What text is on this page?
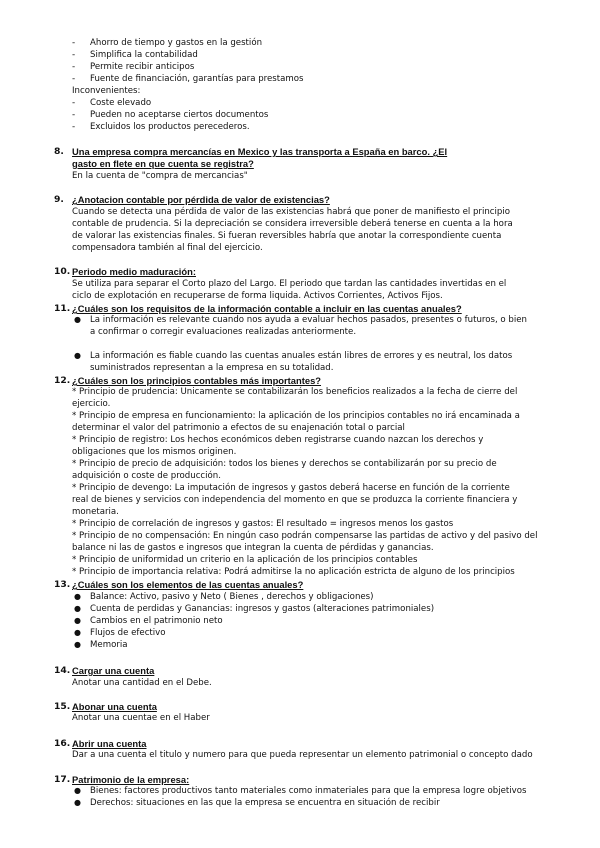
- Ahorro de tiempo y gastos en la gestión
- Simplifica la contabilidad
- Permite recibir anticipos
- Fuente de financiación, garantías para prestamos
Inconvenientes:
- Coste elevado
- Pueden no aceptarse ciertos documentos
- Excluidos los productos perecederos.
8. Una empresa compra mercancías en Mexico y las transporta a España en barco. ¿El
gasto en flete en que cuenta se registra?
En la cuenta de "compra de mercancias"
9. ¿Anotacion contable por pérdida de valor de existencias?
Cuando se detecta una pérdida de valor de las existencias habrá que poner de manifiesto el principio
contable de prudencia. Si la depreciación se considera irreversible deberá tenerse en cuenta a la hora
de valorar las existencias finales. Si fueran reversibles habría que anotar la correspondiente cuenta
compensadora también al final del ejercicio.
10. Periodo medio maduración:
Se utiliza para separar el Corto plazo del Largo. El periodo que tardan las cantidades invertidas en el
ciclo de explotación en recuperarse de forma liquida. Activos Corrientes, Activos Fijos.
11. ¿Cuáles son los requisitos de la información contable a incluir en las cuentas anuales?
● La información es relevante cuando nos ayuda a evaluar hechos pasados, presentes o futuros, o bien
a confirmar o corregir evaluaciones realizadas anteriormente.
● La información es fiable cuando las cuentas anuales están libres de errores y es neutral, los datos
suministrados representan a la empresa en su totalidad.
12. ¿Cuáles son los principios contables más importantes?
* Principio de prudencia: Unicamente se contabilizarán los beneficios realizados a la fecha de cierre del
ejercicio.
* Principio de empresa en funcionamiento: la aplicación de los principios contables no irá encaminada a
determinar el valor del patrimonio a efectos de su enajenación total o parcial
* Principio de registro: Los hechos económicos deben registrarse cuando nazcan los derechos y
obligaciones que los mismos originen.
* Principio de precio de adquisición: todos los bienes y derechos se contabilizarán por su precio de
adquisición o coste de producción.
* Principio de devengo: La imputación de ingresos y gastos deberá hacerse en función de la corriente
real de bienes y servicios con independencia del momento en que se produzca la corriente financiera y
monetaria.
* Principio de correlación de ingresos y gastos: El resultado = ingresos menos los gastos
* Principio de no compensación: En ningún caso podrán compensarse las partidas de activo y del pasivo del
balance ni las de gastos e ingresos que integran la cuenta de pérdidas y ganancias.
* Principio de uniformidad un criterio en la aplicación de los principios contables
* Principio de importancia relativa: Podrá admitirse la no aplicación estricta de alguno de los principios
13. ¿Cuáles son los elementos de las cuentas anuales?
● Balance: Activo, pasivo y Neto ( Bienes , derechos y obligaciones)
● Cuenta de perdidas y Ganancias: ingresos y gastos (alteraciones patrimoniales)
● Cambios en el patrimonio neto
● Flujos de efectivo
● Memoria
14. Cargar una cuenta
Anotar una cantidad en el Debe.
15. Abonar una cuenta
Anotar una cuentae en el Haber
16. Abrir una cuenta
Dar a una cuenta el titulo y numero para que pueda representar un elemento patrimonial o concepto dado
17. Patrimonio de la empresa:
● Bienes: factores productivos tanto materiales como inmateriales para que la empresa logre objetivos
● Derechos: situaciones en las que la empresa se encuentra en situación de recibir
